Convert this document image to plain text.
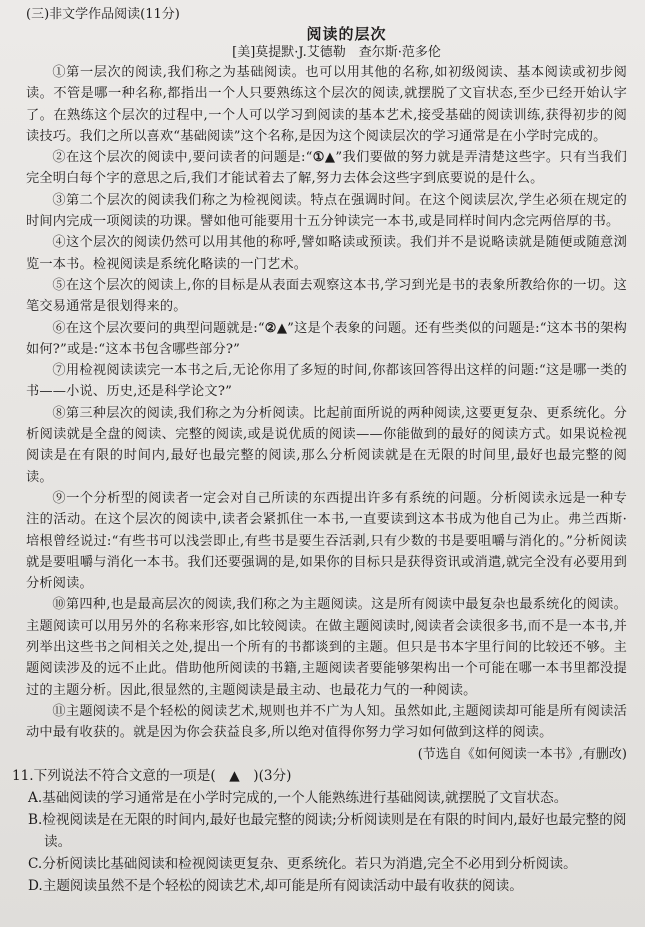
(三)非文学作品阅读(11分)

阅读的层次

[美]莫提默·J.艾德勒　查尔斯·范多伦

①第一层次的阅读,我们称之为基础阅读。也可以用其他的名称,如初级阅读、基本阅读或初步阅读。不管是哪一种名称,都指出一个人只要熟练这个层次的阅读,就摆脱了文盲状态,至少已经开始认字了。在熟练这个层次的过程中,一个人可以学习到阅读的基本艺术,接受基础的阅读训练,获得初步的阅读技巧。我们之所以喜欢“基础阅读”这个名称,是因为这个阅读层次的学习通常是在小学时完成的。

②在这个层次的阅读中,要问读者的问题是:“①▲”我们要做的努力就是弄清楚这些字。只有当我们完全明白每个字的意思之后,我们才能试着去了解,努力去体会这些字到底要说的是什么。

③第二个层次的阅读我们称之为检视阅读。特点在强调时间。在这个阅读层次,学生必须在规定的时间内完成一项阅读的功课。譬如他可能要用十五分钟读完一本书,或是同样时间内念完两倍厚的书。

④这个层次的阅读仍然可以用其他的称呼,譬如略读或预读。我们并不是说略读就是随便或随意浏览一本书。检视阅读是系统化略读的一门艺术。

⑤在这个层次的阅读上,你的目标是从表面去观察这本书,学习到光是书的表象所教给你的一切。这笔交易通常是很划得来的。

⑥在这个层次要问的典型问题就是:“②▲”这是个表象的问题。还有些类似的问题是:“这本书的架构如何?”或是:“这本书包含哪些部分?”

⑦用检视阅读读完一本书之后,无论你用了多短的时间,你都该回答得出这样的问题:“这是哪一类的书——小说、历史,还是科学论文?”

⑧第三种层次的阅读,我们称之为分析阅读。比起前面所说的两种阅读,这要更复杂、更系统化。分析阅读就是全盘的阅读、完整的阅读,或是说优质的阅读——你能做到的最好的阅读方式。如果说检视阅读是在有限的时间内,最好也最完整的阅读,那么分析阅读就是在无限的时间里,最好也最完整的阅读。

⑨一个分析型的阅读者一定会对自己所读的东西提出许多有系统的问题。分析阅读永远是一种专注的活动。在这个层次的阅读中,读者会紧抓住一本书,一直要读到这本书成为他自己为止。弗兰西斯·培根曾经说过:“有些书可以浅尝即止,有些书是要生吞活剥,只有少数的书是要咀嚼与消化的。”分析阅读就是要咀嚼与消化一本书。我们还要强调的是,如果你的目标只是获得资讯或消遣,就完全没有必要用到分析阅读。

⑩第四种,也是最高层次的阅读,我们称之为主题阅读。这是所有阅读中最复杂也最系统化的阅读。主题阅读可以用另外的名称来形容,如比较阅读。在做主题阅读时,阅读者会读很多书,而不是一本书,并列举出这些书之间相关之处,提出一个所有的书都谈到的主题。但只是书本字里行间的比较还不够。主题阅读涉及的远不止此。借助他所阅读的书籍,主题阅读者要能够架构出一个可能在哪一本书里都没提过的主题分析。因此,很显然的,主题阅读是最主动、也最花力气的一种阅读。

⑪主题阅读不是个轻松的阅读艺术,规则也并不广为人知。虽然如此,主题阅读却可能是所有阅读活动中最有收获的。就是因为你会获益良多,所以绝对值得你努力学习如何做到这样的阅读。

(节选自《如何阅读一本书》,有删改)

11.下列说法不符合文意的一项是(　▲　)(3分)

A.基础阅读的学习通常是在小学时完成的,一个人能熟练进行基础阅读,就摆脱了文盲状态。

B.检视阅读是在无限的时间内,最好也最完整的阅读;分析阅读则是在有限的时间内,最好也最完整的阅读。

C.分析阅读比基础阅读和检视阅读更复杂、更系统化。若只为消遣,完全不必用到分析阅读。

D.主题阅读虽然不是个轻松的阅读艺术,却可能是所有阅读活动中最有收获的阅读。
